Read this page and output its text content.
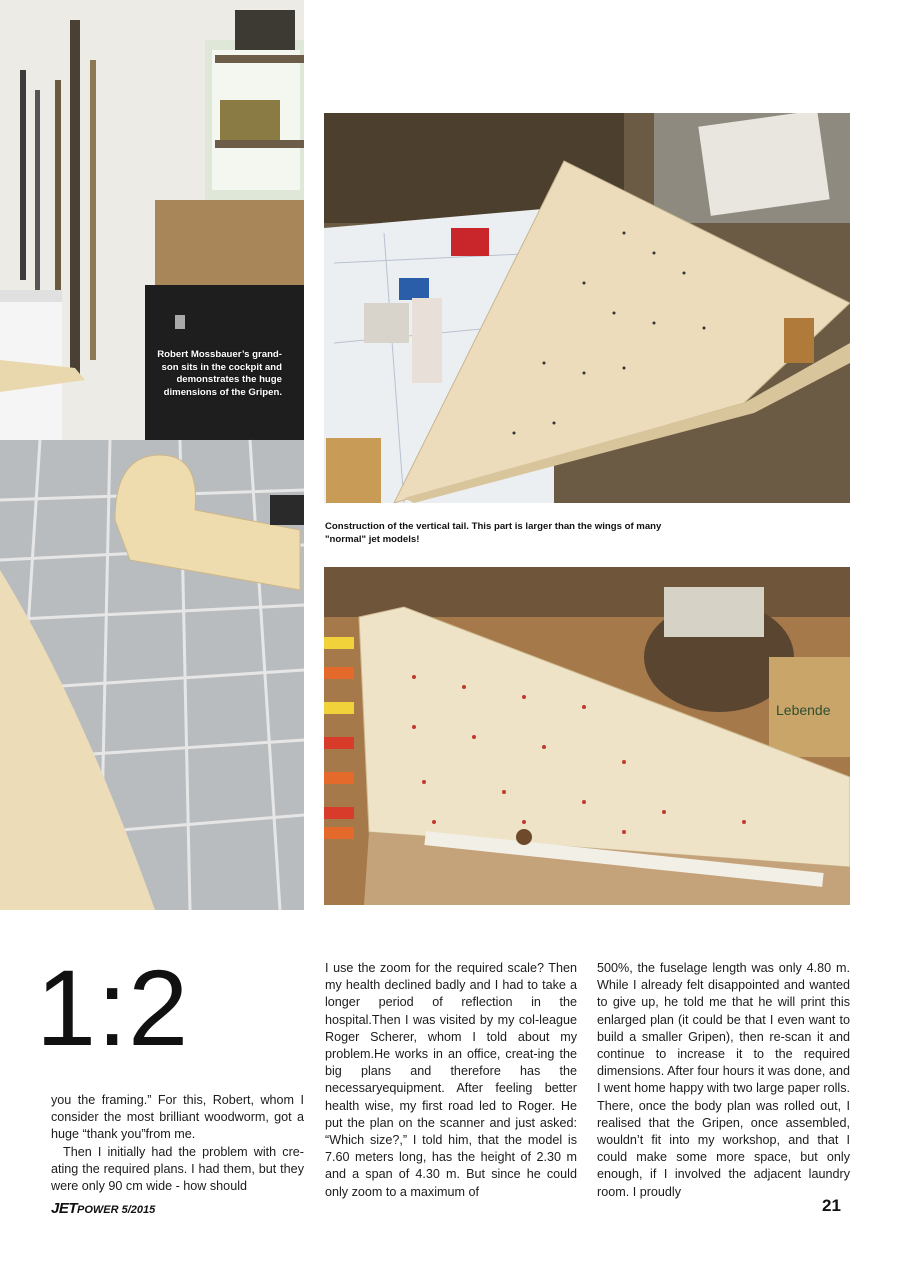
Robert Mossbauer’s grand-
son sits in the cockpit and
demonstrates the huge
dimensions of the Gripen.

Construction of the vertical tail. This part is larger than the wings of many
"normal" jet models!

Lebende

1:2

you the framing.” For this, Robert, whom I consider the most brilliant woodworm, got a huge “thank you”from me.

Then I initially had the problem with cre-ating the required plans. I had them, but they were only 90 cm wide - how should

I use the zoom for the required scale? Then my health declined badly and I had to take a longer period of reflection in the hospital.Then I was visited by my col-league Roger Scherer, whom I told about my problem.He works in an office, creat-ing the big plans and therefore has the necessaryequipment. After feeling better health wise, my first road led to Roger. He put the plan on the scanner and just asked: “Which size?,” I told him, that the model is 7.60 meters long, has the height of 2.30 m and a span of 4.30 m. But since he could only zoom to a maximum of

500%, the fuselage length was only 4.80 m. While I already felt disappointed and wanted to give up, he told me that he will print this enlarged plan (it could be that I even want to build a smaller Gripen), then re-scan it and continue to increase it to the required dimensions. After four hours it was done, and I went home happy with two large paper rolls. There, once the body plan was rolled out, I realised that the Gripen, once assembled, wouldn’t fit into my workshop, and that I could make some more space, but only enough, if I involved the adjacent laundry room. I proudly

JETPOWER 5/2015	21
